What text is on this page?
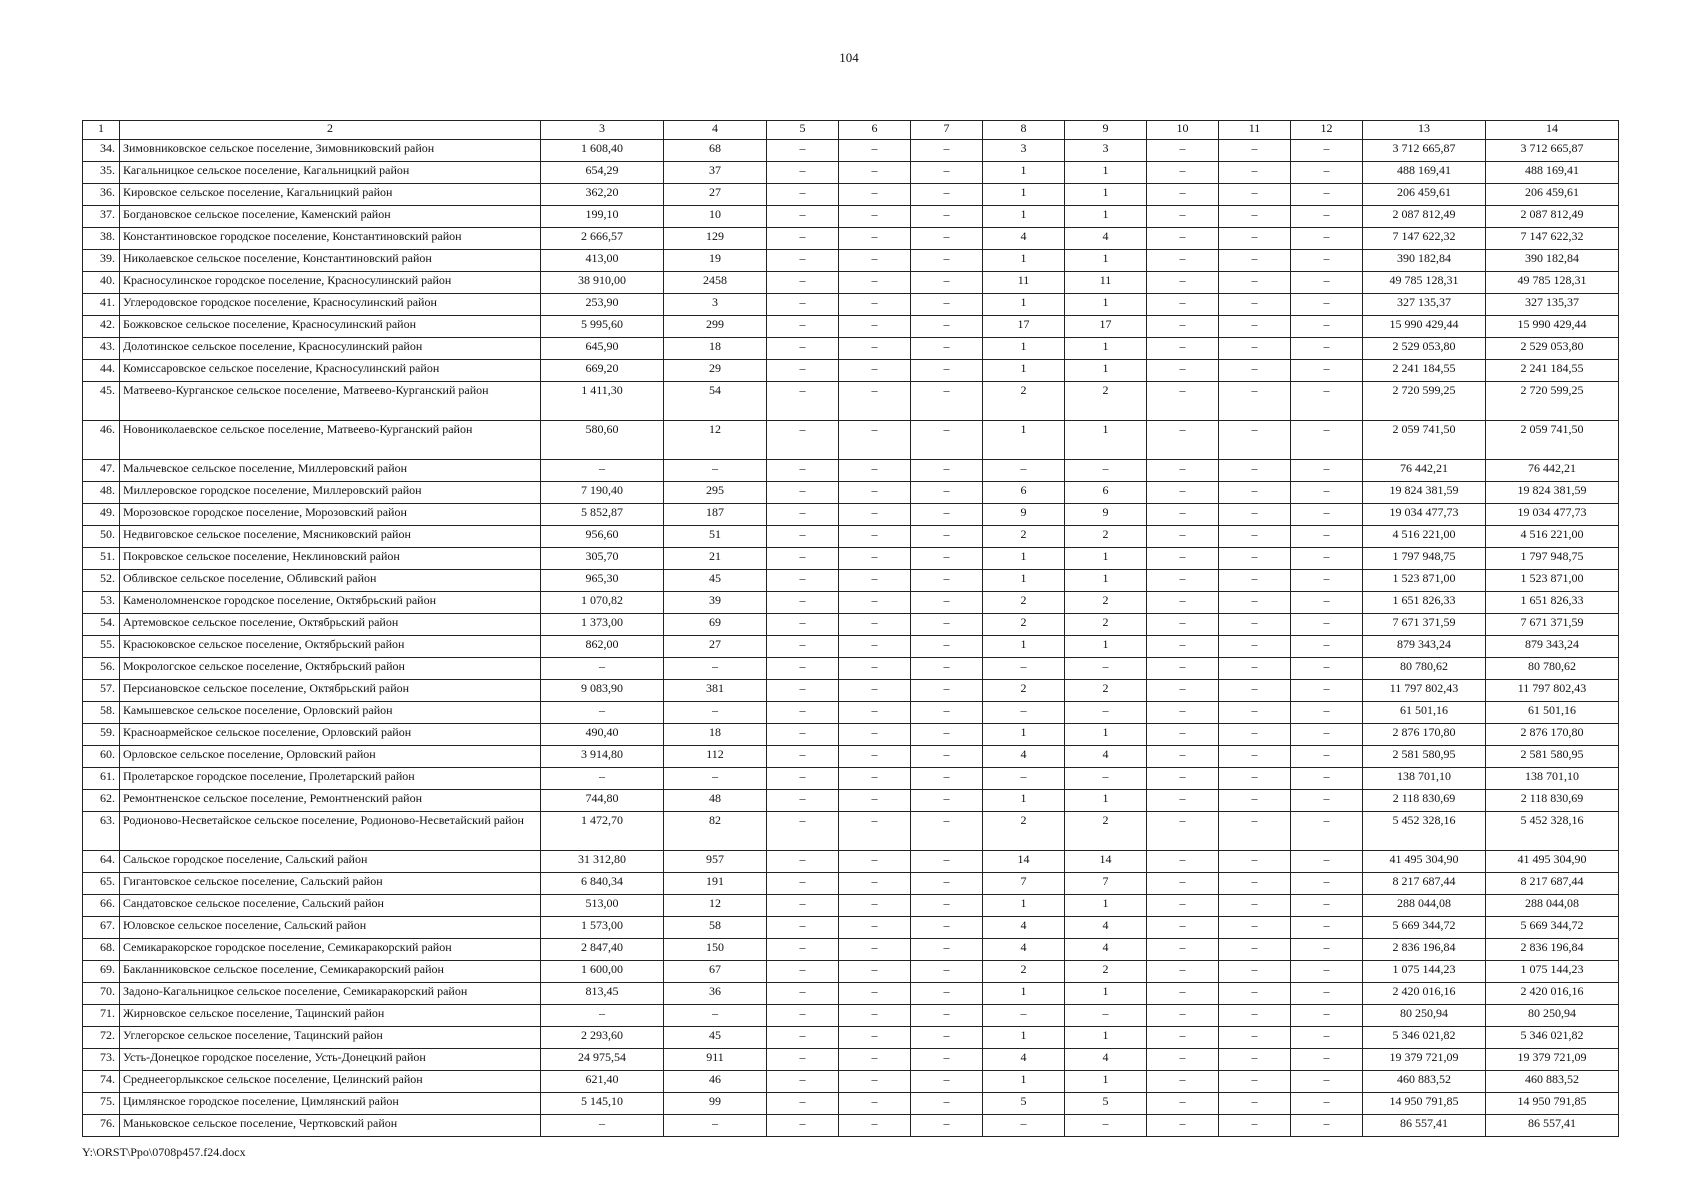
104
1	2	3	4	5	6	7	8	9	10	11	12	13	14
34.	Зимовниковское сельское поселение, Зимовниковский район	1 608,40	68	–	–	–	3	3	–	–	–	3 712 665,87	3 712 665,87
35.	Кагальницкое сельское поселение, Кагальницкий район	654,29	37	–	–	–	1	1	–	–	–	488 169,41	488 169,41
36.	Кировское сельское поселение, Кагальницкий район	362,20	27	–	–	–	1	1	–	–	–	206 459,61	206 459,61
37.	Богдановское сельское поселение, Каменский район	199,10	10	–	–	–	1	1	–	–	–	2 087 812,49	2 087 812,49
38.	Константиновское городское поселение, Константиновский район	2 666,57	129	–	–	–	4	4	–	–	–	7 147 622,32	7 147 622,32
39.	Николаевское сельское поселение, Константиновский район	413,00	19	–	–	–	1	1	–	–	–	390 182,84	390 182,84
40.	Красносулинское городское поселение, Красносулинский район	38 910,00	2458	–	–	–	11	11	–	–	–	49 785 128,31	49 785 128,31
41.	Углеродовское городское поселение, Красносулинский район	253,90	3	–	–	–	1	1	–	–	–	327 135,37	327 135,37
42.	Божковское сельское поселение, Красносулинский район	5 995,60	299	–	–	–	17	17	–	–	–	15 990 429,44	15 990 429,44
43.	Долотинское сельское поселение, Красносулинский район	645,90	18	–	–	–	1	1	–	–	–	2 529 053,80	2 529 053,80
44.	Комиссаровское сельское поселение, Красносулинский район	669,20	29	–	–	–	1	1	–	–	–	2 241 184,55	2 241 184,55
45.	Матвеево-Курганское сельское поселение, Матвеево-Курганский район	1 411,30	54	–	–	–	2	2	–	–	–	2 720 599,25	2 720 599,25
46.	Новониколаевское сельское поселение, Матвеево-Курганский район	580,60	12	–	–	–	1	1	–	–	–	2 059 741,50	2 059 741,50
47.	Мальчевское сельское поселение, Миллеровский район	–	–	–	–	–	–	–	–	–	–	76 442,21	76 442,21
48.	Миллеровское городское поселение, Миллеровский район	7 190,40	295	–	–	–	6	6	–	–	–	19 824 381,59	19 824 381,59
49.	Морозовское городское поселение, Морозовский район	5 852,87	187	–	–	–	9	9	–	–	–	19 034 477,73	19 034 477,73
50.	Недвиговское сельское поселение, Мясниковский район	956,60	51	–	–	–	2	2	–	–	–	4 516 221,00	4 516 221,00
51.	Покровское сельское поселение, Неклиновский район	305,70	21	–	–	–	1	1	–	–	–	1 797 948,75	1 797 948,75
52.	Обливское сельское поселение, Обливский район	965,30	45	–	–	–	1	1	–	–	–	1 523 871,00	1 523 871,00
53.	Каменоломненское городское поселение, Октябрьский район	1 070,82	39	–	–	–	2	2	–	–	–	1 651 826,33	1 651 826,33
54.	Артемовское сельское поселение, Октябрьский район	1 373,00	69	–	–	–	2	2	–	–	–	7 671 371,59	7 671 371,59
55.	Красюковское сельское поселение, Октябрьский район	862,00	27	–	–	–	1	1	–	–	–	879 343,24	879 343,24
56.	Мокрологское сельское поселение, Октябрьский район	–	–	–	–	–	–	–	–	–	–	80 780,62	80 780,62
57.	Персиановское сельское поселение, Октябрьский район	9 083,90	381	–	–	–	2	2	–	–	–	11 797 802,43	11 797 802,43
58.	Камышевское сельское поселение, Орловский район	–	–	–	–	–	–	–	–	–	–	61 501,16	61 501,16
59.	Красноармейское сельское поселение, Орловский район	490,40	18	–	–	–	1	1	–	–	–	2 876 170,80	2 876 170,80
60.	Орловское сельское поселение, Орловский район	3 914,80	112	–	–	–	4	4	–	–	–	2 581 580,95	2 581 580,95
61.	Пролетарское городское поселение, Пролетарский район	–	–	–	–	–	–	–	–	–	–	138 701,10	138 701,10
62.	Ремонтненское сельское поселение, Ремонтненский район	744,80	48	–	–	–	1	1	–	–	–	2 118 830,69	2 118 830,69
63.	Родионово-Несветайское сельское поселение, Родионово-Несветайский район	1 472,70	82	–	–	–	2	2	–	–	–	5 452 328,16	5 452 328,16
64.	Сальское городское поселение, Сальский район	31 312,80	957	–	–	–	14	14	–	–	–	41 495 304,90	41 495 304,90
65.	Гигантовское сельское поселение, Сальский район	6 840,34	191	–	–	–	7	7	–	–	–	8 217 687,44	8 217 687,44
66.	Сандатовское сельское поселение, Сальский район	513,00	12	–	–	–	1	1	–	–	–	288 044,08	288 044,08
67.	Юловское сельское поселение, Сальский район	1 573,00	58	–	–	–	4	4	–	–	–	5 669 344,72	5 669 344,72
68.	Семикаракорское городское поселение, Семикаракорский район	2 847,40	150	–	–	–	4	4	–	–	–	2 836 196,84	2 836 196,84
69.	Бакланниковское сельское поселение, Семикаракорский район	1 600,00	67	–	–	–	2	2	–	–	–	1 075 144,23	1 075 144,23
70.	Задоно-Кагальницкое сельское поселение, Семикаракорский район	813,45	36	–	–	–	1	1	–	–	–	2 420 016,16	2 420 016,16
71.	Жирновское сельское поселение, Тацинский район	–	–	–	–	–	–	–	–	–	–	80 250,94	80 250,94
72.	Углегорское сельское поселение, Тацинский район	2 293,60	45	–	–	–	1	1	–	–	–	5 346 021,82	5 346 021,82
73.	Усть-Донецкое городское поселение, Усть-Донецкий район	24 975,54	911	–	–	–	4	4	–	–	–	19 379 721,09	19 379 721,09
74.	Среднеегорлыкское сельское поселение, Целинский район	621,40	46	–	–	–	1	1	–	–	–	460 883,52	460 883,52
75.	Цимлянское городское поселение, Цимлянский район	5 145,10	99	–	–	–	5	5	–	–	–	14 950 791,85	14 950 791,85
76.	Маньковское сельское поселение, Чертковский район	–	–	–	–	–	–	–	–	–	–	86 557,41	86 557,41
Y:\ORST\Ppo\0708p457.f24.docx
